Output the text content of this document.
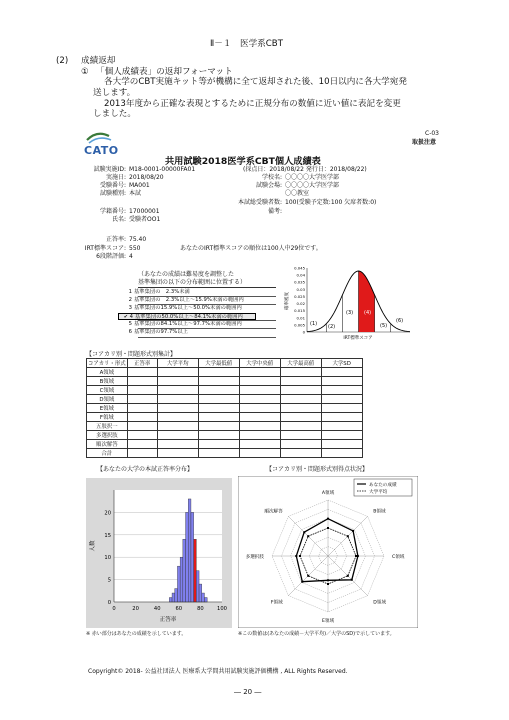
Ⅱ－１　医学系CBT
(2) 成績返却
① 「個人成績表」の返却フォーマット
各大学のCBT実施キット等が機構に全て返却された後、10日以内に各大学宛発
送します。
2013年度から正確な表現とするために正規分布の数値に近い値に表記を変更
しました。
CATO
C-03
取扱注意
共用試験2018医学系CBT個人成績表
試験実施ID: M18-0001-00000FA01	(採点日：2018/08/22 発行日：2018/08/22)
実施日: 2018/08/20	学校名: 〇〇〇〇大学医学部
受験番号: MA001	試験会場: 〇〇〇〇大学医学部
試験種別: 本試	〇〇教室
本試総受験者数: 100(受験予定数:100 欠席者数:0)
学籍番号: 17000001	備考:
氏名: 受験者OO1
正答率: 75.40
IRT標準スコア: 550	あなたのIRT標準スコアの順位は100人中29位です。
6段階評価: 4
（あなたの成績は難易度を調整した
基準集団の以下の分布範囲に位置する）
1 基準集団の　2.3%未満
2 基準集団の　2.3%以上～15.9%未満の範囲内
3 基準集団の15.9%以上～50.0%未満の範囲内
✔ 4 基準集団の50.0%以上～84.1%未満の範囲内
5 基準集団の84.1%以上～97.7%未満の範囲内
6 基準集団の97.7%以上
0.045
0.04
0.035
0.03
0.025
0.02
0.015
0.01
0.005
0
確率密度
(1) (2)
(3) (4)
(5)
(6)
IRT標準スコア
【コアカリ別・問題形式別集計】
コアカリ・形式	正答率	大学平均	大学最低値	大学中央値	大学最高値	大学SD
A領域						
B領域						
C領域						
D領域						
E領域						
F領域						
五肢択一						
多選択肢						
順次解答						
合計						
【あなたの大学の本試正答率分布】
0	20	40	60	80	100
0
5
10
15
20
人数
正答率
※ 赤い部分はあなたの成績を示しています。
【コアカリ別・問題形式別得点状況】
A領域
B領域
C領域
D領域
E領域
F領域
多選択肢
順次解答
あなたの成績
大学平均
※この数値は(あなたの成績－大学平均)／大学のSD)で示しています。
Copyright© 2018- 公益社団法人 医療系大学間共用試験実施評価機構 , ALL Rights Reserved.
― 20 ―
